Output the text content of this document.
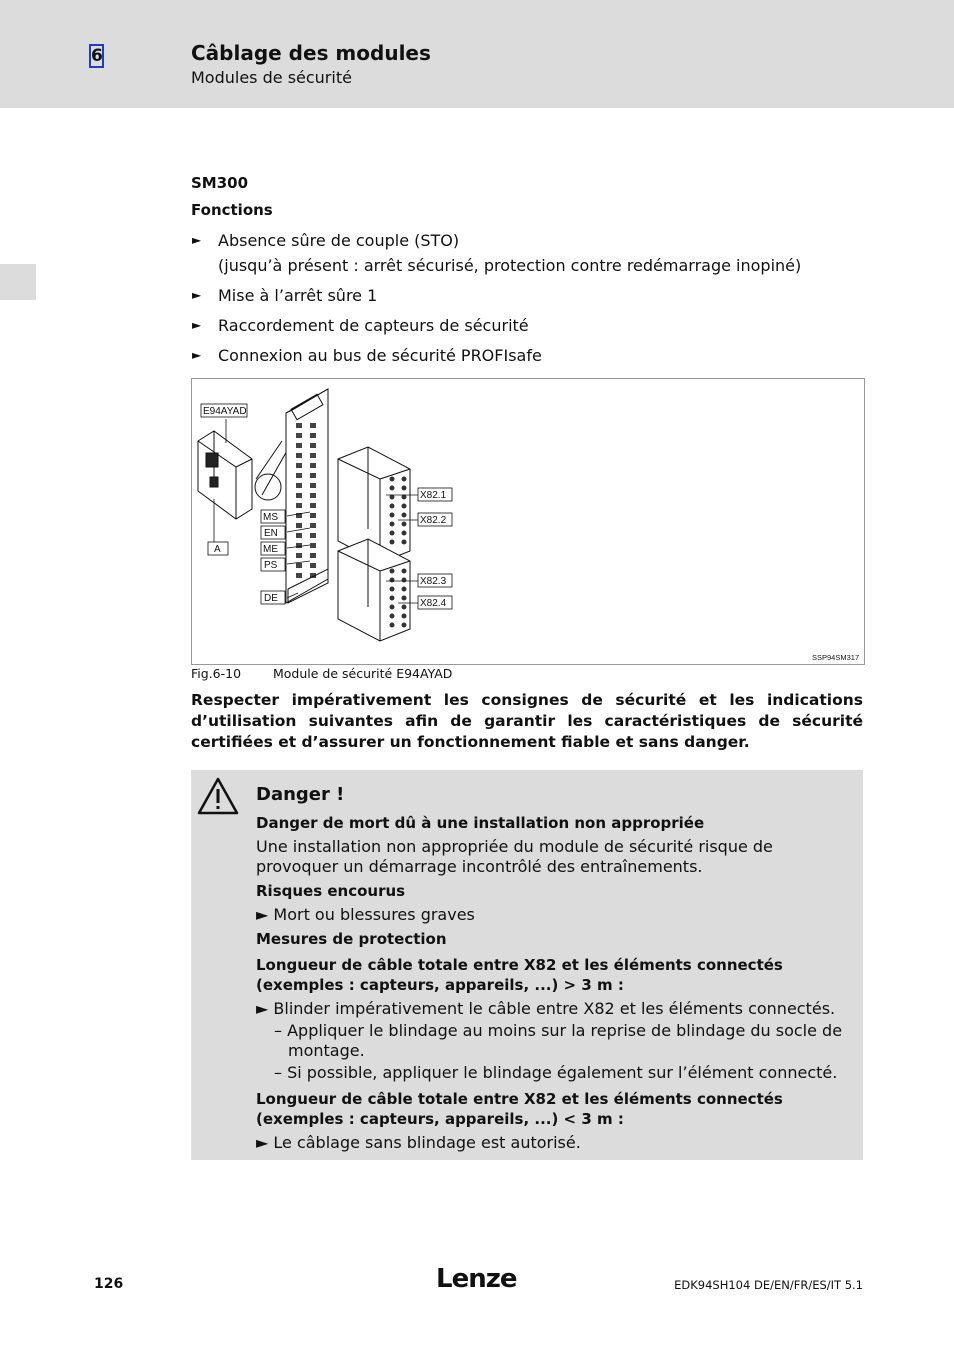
6	Câblage des modules
Modules de sécurité
SM300
Fonctions
► Absence sûre de couple (STO)
(jusqu’à présent : arrêt sécurisé, protection contre redémarrage inopiné)
► Mise à l’arrêt sûre 1
► Raccordement de capteurs de sécurité
► Connexion au bus de sécurité PROFIsafe
E94AYAD
A
MS
EN
ME
PS
DE
X82.1
X82.2
X82.3
X82.4
SSP94SM317
Fig.6-10	Module de sécurité E94AYAD
Respecter impérativement les consignes de sécurité et les indications d’utilisation suivantes afin de garantir les caractéristiques de sécurité certifiées et d’assurer un fonctionnement fiable et sans danger.
Danger !
Danger de mort dû à une installation non appropriée
Une installation non appropriée du module de sécurité risque de provoquer un démarrage incontrôlé des entraînements.
Risques encourus
► Mort ou blessures graves
Mesures de protection
Longueur de câble totale entre X82 et les éléments connectés (exemples : capteurs, appareils, ...) > 3 m :
► Blinder impérativement le câble entre X82 et les éléments connectés.
– Appliquer le blindage au moins sur la reprise de blindage du socle de montage.
– Si possible, appliquer le blindage également sur l’élément connecté.
Longueur de câble totale entre X82 et les éléments connectés (exemples : capteurs, appareils, ...) < 3 m :
► Le câblage sans blindage est autorisé.
126	Lenze	EDK94SH104 DE/EN/FR/ES/IT 5.1
